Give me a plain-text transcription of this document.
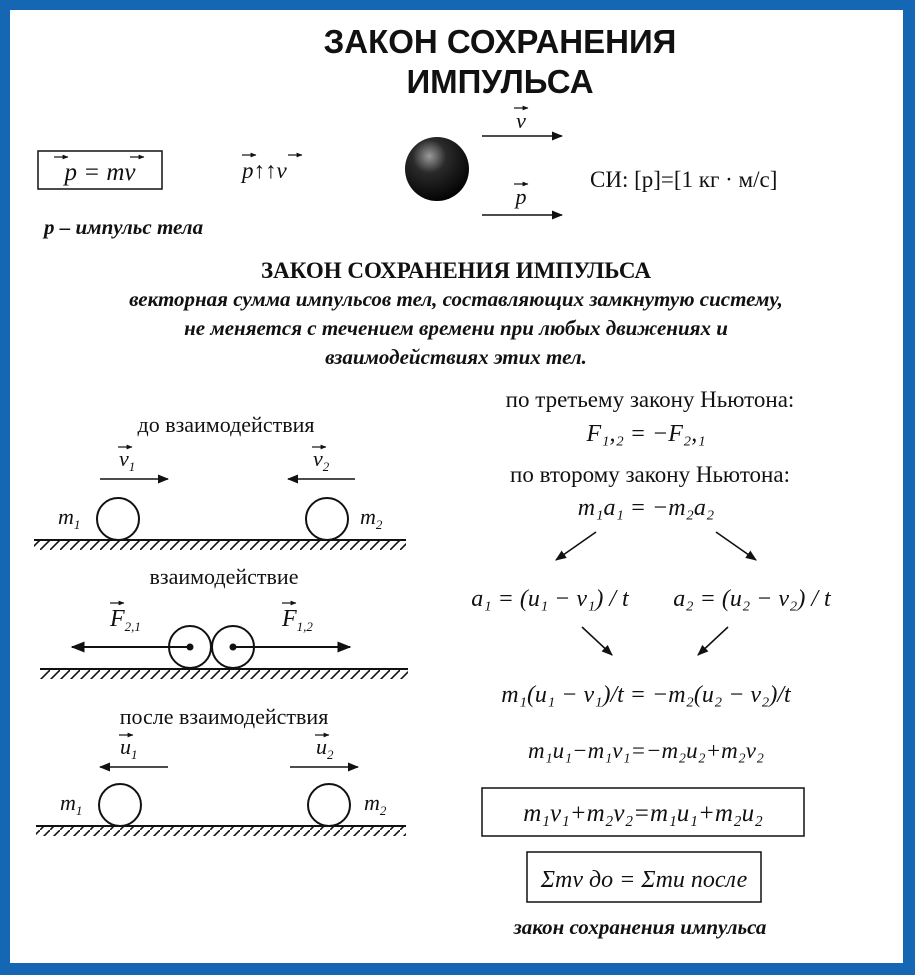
ЗАКОН СОХРАНЕНИЯ
ИМПУЛЬСА
p = mv	p↑↑v
v
p
СИ: [p]=[1 кг · м/с]
p – импульс тела
ЗАКОН СОХРАНЕНИЯ ИМПУЛЬСА
векторная сумма импульсов тел, составляющих замкнутую систему,
не меняется с течением времени при любых движениях и
взаимодействиях этих тел.
до взаимодействия
$v_1$	$v_2$
$m_1$	$m_2$
взаимодействие
$F_{2,1}$	$F_{1,2}$
после взаимодействия
$u_1$	$u_2$
$m_1$	$m_2$
по третьему закону Ньютона:
F₁,₂ = −F₂,₁
по второму закону Ньютона:
m₁a₁ = −m₂a₂
a₁ = (u₁ − v₁) / t a₂ = (u₂ − v₂) / t
m₁(u₁ − v₁)/t = −m₂(u₂ − v₂)/t
m₁u₁−m₁v₁=−m₂u₂+m₂v₂
m₁v₁+m₂v₂=m₁u₁+m₂u₂
Σmv до = Σmu после
закон сохранения импульса
